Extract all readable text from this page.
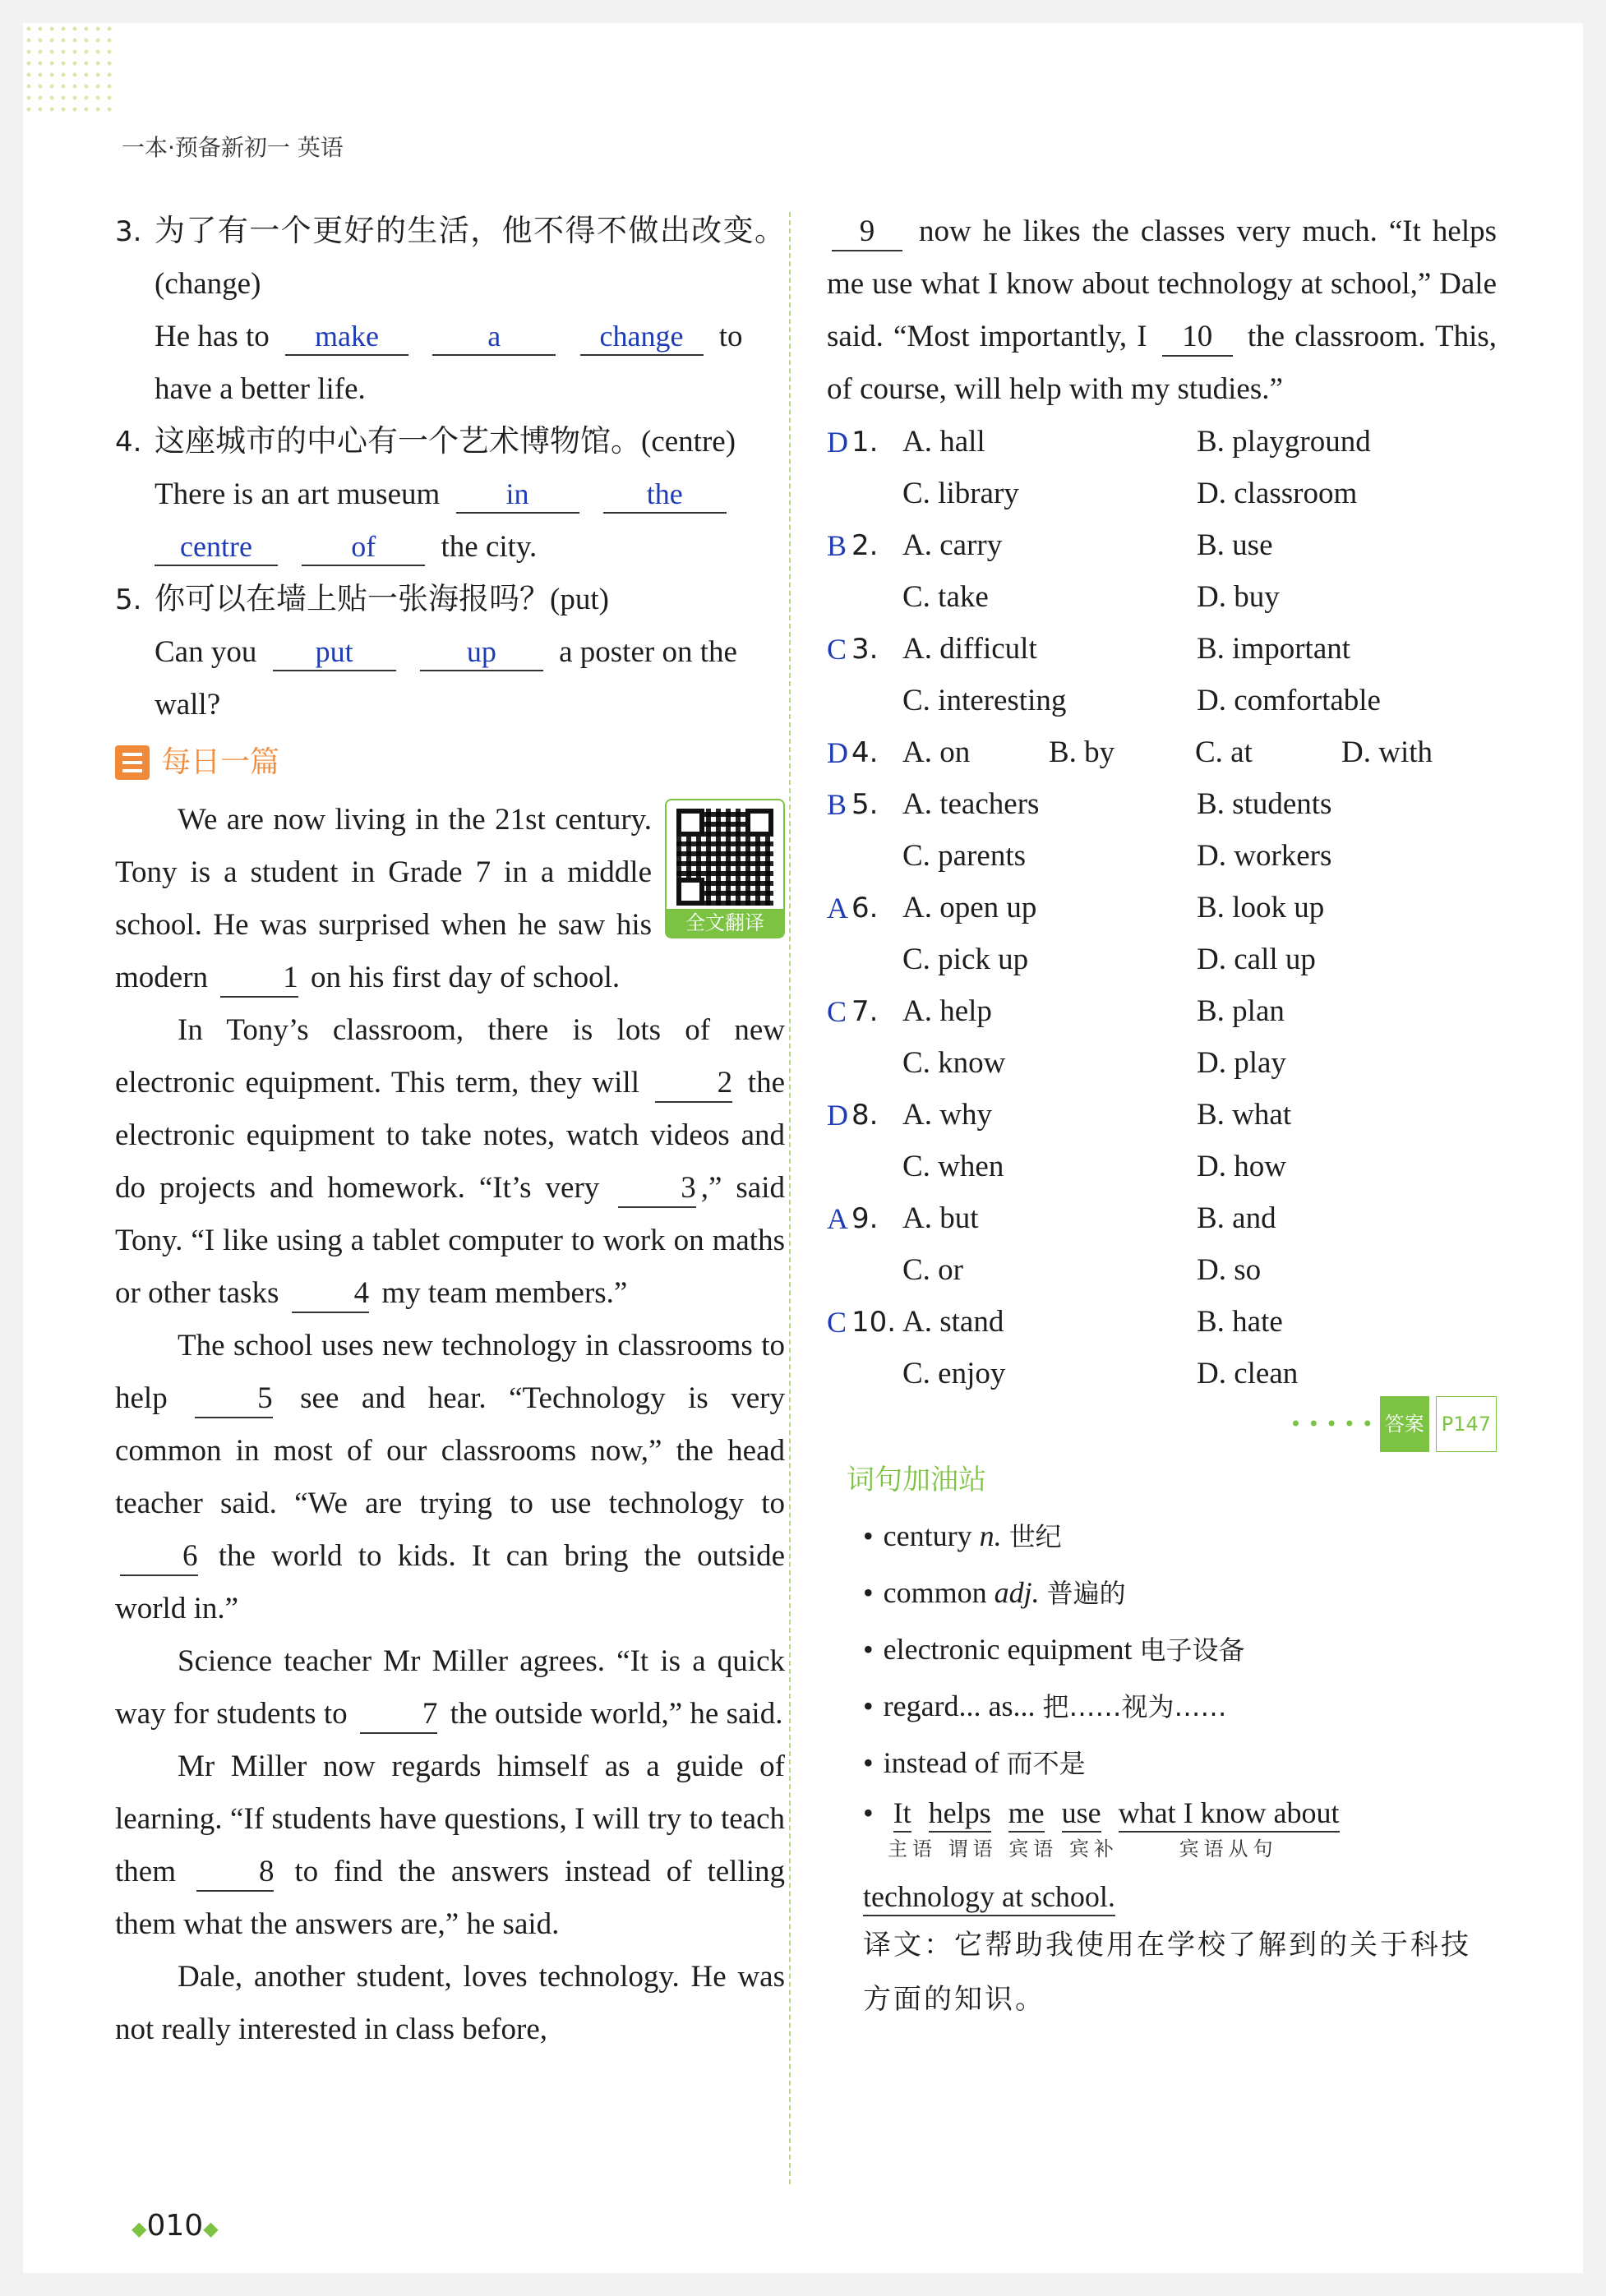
一本·预备新初一 英语
3. 为了有一个更好的生活，他不得不做出改变。(change)

He has to make	a	change to

have a better life.

4. 这座城市的中心有一个艺术博物馆。(centre)

There is an art museum in	the

centre	of the city.

5. 你可以在墙上贴一张海报吗？(put)

Can you put	up a poster on the

wall?

每日一篇
全文翻译

We are now living in the 21st century. Tony is a student in Grade 7 in a middle school. He was surprised when he saw his modern 1 on his first day of school.

In Tony’s classroom, there is lots of new electronic equipment. This term, they will	2 the electronic equipment to take notes, watch videos and do projects and homework. “It’s very	3 ,” said Tony. “I like using a tablet computer to work on maths or other tasks 4 my team members.”

The school uses new technology in classrooms to help	5 see and hear. “Technology is very common in most of our classrooms now,” the head teacher said. “We are trying to use technology to 6 the world to kids. It can bring the outside world in.”

Science teacher Mr Miller agrees. “It is a quick way for students to 7 the outside world,” he said.

Mr Miller now regards himself as a guide of learning. “If students have questions, I will try to teach them	8 to find the answers instead of telling them what the answers are,” he said.

Dale, another student, loves technology. He was not really interested in class before,

9 now he likes the classes very much. “It helps me use what I know about technology at school,” Dale said. “Most importantly, I 10 the classroom. This, of course, will help with my studies.”

D 1. A. hall	B. playground
C. library	D. classroom
B 2. A. carry	B. use
C. take	D. buy
C 3. A. difficult	B. important
C. interesting	D. comfortable
D 4. A. on	B. by	C. at	D. with
B 5. A. teachers	B. students
C. parents	D. workers
A 6. A. open up	B. look up
C. pick up	D. call up
C 7. A. help	B. plan
C. know	D. play
D 8. A. why	B. what
C. when	D. how
A 9. A. but	B. and
C. or	D. so
C 10. A. stand	B. hate
C. enjoy	D. clean
• • • • • 答案 P147
词句加油站
• century n. 世纪
• common adj. 普遍的
• electronic equipment 电子设备
• regard... as... 把……视为……
• instead of 而不是
•  It helps me use what I know about
主语 谓语 宾语 宾补	宾语从句
technology at school.
译文：它帮助我使用在学校了解到的关于科技方面的知识。
◆010◆
